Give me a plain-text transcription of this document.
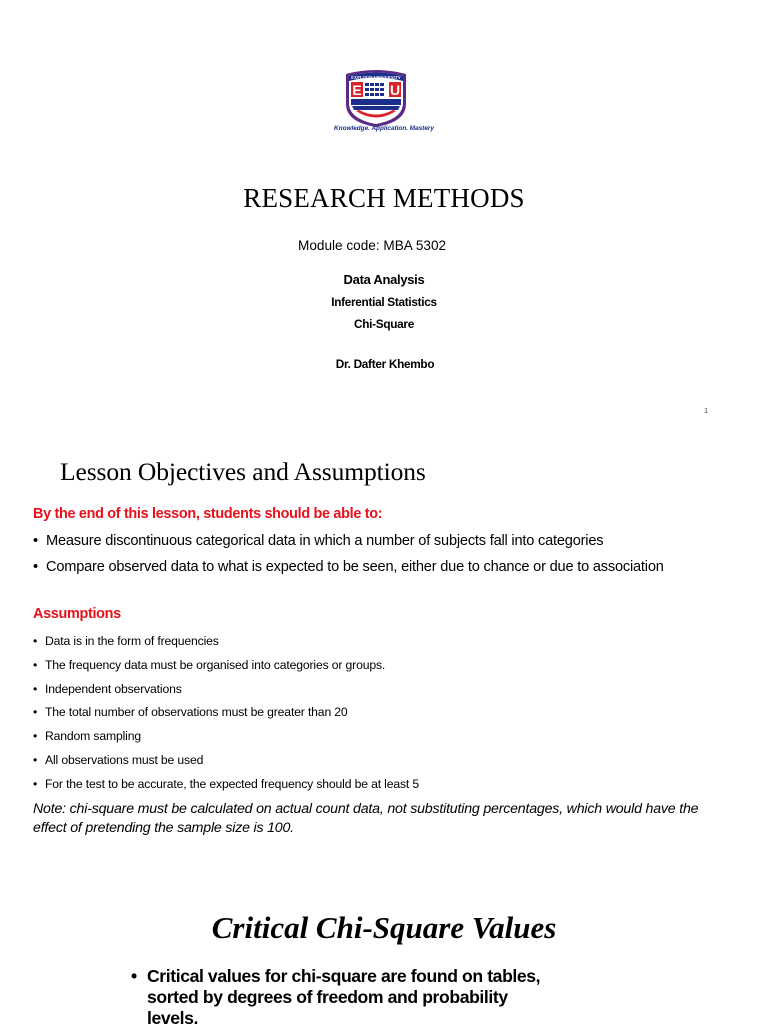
EXPLOITS UNIVERSITY
E U
Knowledge. Application. Mastery
RESEARCH METHODS

Module code: MBA 5302

Data Analysis

Inferential Statistics

Chi-Square

Dr. Dafter Khembo

1
Lesson Objectives and Assumptions

By the end of this lesson, students should be able to:

• Measure discontinuous categorical data in which a number of subjects fall into categories
• Compare observed data to what is expected to be seen, either due to chance or due to association

Assumptions

• Data is in the form of frequencies
• The frequency data must be organised into categories or groups.
• Independent observations
• The total number of observations must be greater than 20
• Random sampling
• All observations must be used
• For the test to be accurate, the expected frequency should be at least 5

Note: chi-square must be calculated on actual count data, not substituting percentages, which would have the effect of pretending the sample size is 100.

Critical Chi-Square Values
• Critical values for chi-square are found on tables, sorted by degrees of freedom and probability levels.
